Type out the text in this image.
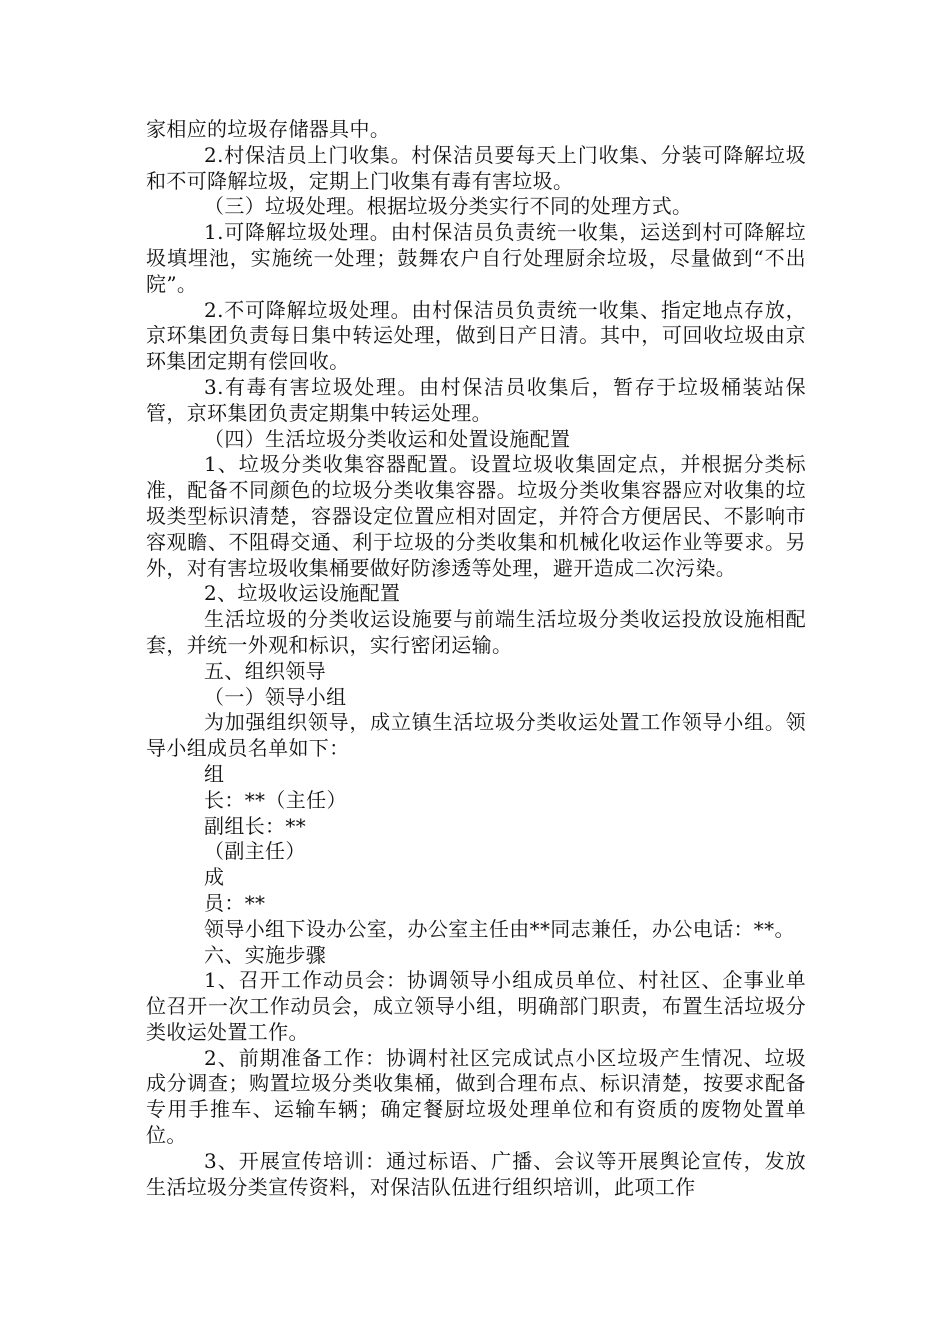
家相应的垃圾存储器具中。

2.村保洁员上门收集。村保洁员要每天上门收集、分装可降解垃圾和不可降解垃圾，定期上门收集有毒有害垃圾。

（三）垃圾处理。根据垃圾分类实行不同的处理方式。

1.可降解垃圾处理。由村保洁员负责统一收集，运送到村可降解垃圾填埋池，实施统一处理；鼓舞农户自行处理厨余垃圾，尽量做到“不出院”。

2.不可降解垃圾处理。由村保洁员负责统一收集、指定地点存放，京环集团负责每日集中转运处理，做到日产日清。其中，可回收垃圾由京环集团定期有偿回收。

3.有毒有害垃圾处理。由村保洁员收集后，暂存于垃圾桶装站保管，京环集团负责定期集中转运处理。

（四）生活垃圾分类收运和处置设施配置

1、垃圾分类收集容器配置。设置垃圾收集固定点，并根据分类标准，配备不同颜色的垃圾分类收集容器。垃圾分类收集容器应对收集的垃圾类型标识清楚，容器设定位置应相对固定，并符合方便居民、不影响市容观瞻、不阻碍交通、利于垃圾的分类收集和机械化收运作业等要求。另外，对有害垃圾收集桶要做好防渗透等处理，避开造成二次污染。

2、垃圾收运设施配置

生活垃圾的分类收运设施要与前端生活垃圾分类收运投放设施相配套，并统一外观和标识，实行密闭运输。

五、组织领导

（一）领导小组

为加强组织领导，成立镇生活垃圾分类收运处置工作领导小组。领导小组成员名单如下：

组

长：**（主任）

副组长：**

（副主任）

成

员：**

领导小组下设办公室，办公室主任由**同志兼任，办公电话：**。

六、实施步骤

1、召开工作动员会：协调领导小组成员单位、村社区、企事业单位召开一次工作动员会，成立领导小组，明确部门职责，布置生活垃圾分类收运处置工作。

2、前期准备工作：协调村社区完成试点小区垃圾产生情况、垃圾成分调查；购置垃圾分类收集桶，做到合理布点、标识清楚，按要求配备专用手推车、运输车辆；确定餐厨垃圾处理单位和有资质的废物处置单位。

3、开展宣传培训：通过标语、广播、会议等开展舆论宣传，发放生活垃圾分类宣传资料，对保洁队伍进行组织培训，此项工作
